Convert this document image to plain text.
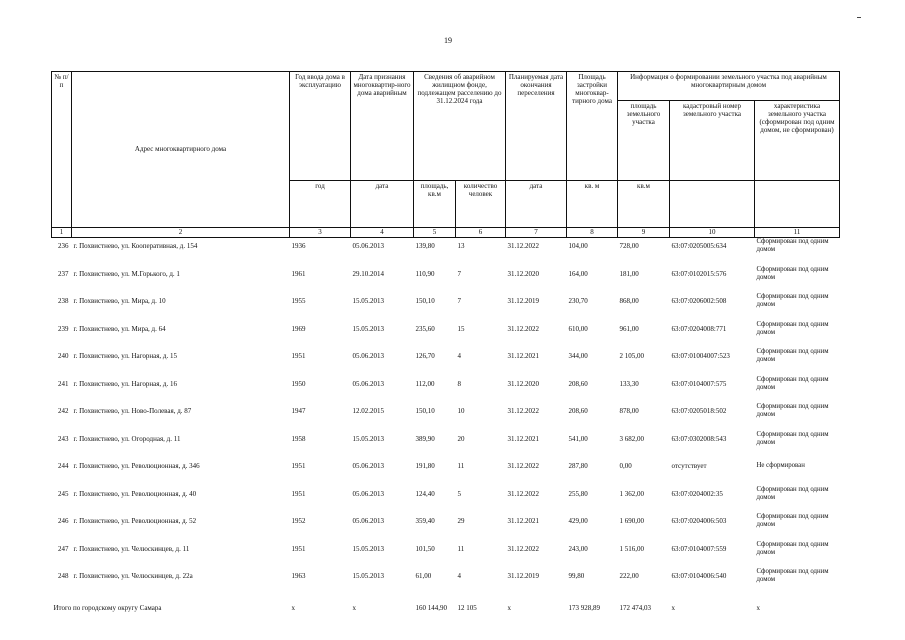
19
№ п/п	Адрес многоквартирного дома	Год ввода дома в эксплуатацию	Дата признания многоквартир-ного дома аварийным	Сведения об аварийном жилищном фонде, подлежащем расселению до 31.12.2024 года		Планируемая дата окончания переселения	Площадь застройки многоквар-тирного дома	Информация о формировании земельного участка под аварийным многоквартирным домом		
								площадь земельного участка	кадастровый номер земельного участка	характеристика земельного участка (сформирован под одним домом, не сформирован)
		год	дата	площадь, кв.м	количество человек	дата	кв. м	кв.м		
1	2	3	4	5	6	7	8	9	10	11
236	г. Похвистнево, ул. Кооперативная, д. 154	1936	05.06.2013	139,80	13	31.12.2022	104,00	728,00	63:07:0205005:634	Сформирован под одним домом
237	г. Похвистнево, ул. М.Горького, д. 1	1961	29.10.2014	110,90	7	31.12.2020	164,00	181,00	63:07:0102015:576	Сформирован под одним домом
238	г. Похвистнево, ул. Мира, д. 10	1955	15.05.2013	150,10	7	31.12.2019	230,70	868,00	63:07:0206002:508	Сформирован под одним домом
239	г. Похвистнево, ул. Мира, д. 64	1969	15.05.2013	235,60	15	31.12.2022	610,00	961,00	63:07:0204008:771	Сформирован под одним домом
240	г. Похвистнево, ул. Нагорная, д. 15	1951	05.06.2013	126,70	4	31.12.2021	344,00	2 105,00	63:07:01004007:523	Сформирован под одним домом
241	г. Похвистнево, ул. Нагорная, д. 16	1950	05.06.2013	112,00	8	31.12.2020	208,60	133,30	63:07:0104007:575	Сформирован под одним домом
242	г. Похвистнево, ул. Ново-Полевая, д. 87	1947	12.02.2015	150,10	10	31.12.2022	208,60	878,00	63:07:0205018:502	Сформирован под одним домом
243	г. Похвистнево, ул. Огородная, д. 11	1958	15.05.2013	389,90	20	31.12.2021	541,00	3 682,00	63:07:0302008:543	Сформирован под одним домом
244	г. Похвистнево, ул. Революционная, д. 346	1951	05.06.2013	191,80	11	31.12.2022	287,80	0,00	отсутствует	Не сформирован
245	г. Похвистнево, ул. Революционная, д. 40	1951	05.06.2013	124,40	5	31.12.2022	255,80	1 362,00	63:07:0204002:35	Сформирован под одним домом
246	г. Похвистнево, ул. Революционная, д. 52	1952	05.06.2013	359,40	29	31.12.2021	429,00	1 690,00	63:07:0204006:503	Сформирован под одним домом
247	г. Похвистнево, ул. Челюскинцев, д. 11	1951	15.05.2013	101,50	11	31.12.2022	243,00	1 516,00	63:07:0104007:559	Сформирован под одним домом
248	г. Похвистнево, ул. Челюскинцев, д. 22а	1963	15.05.2013	61,00	4	31.12.2019	99,80	222,00	63:07:0104006:540	Сформирован под одним домом
Итого по городскому округу Самара		x	x	160 144,90	12 105	x	173 928,89	172 474,03	x	x
